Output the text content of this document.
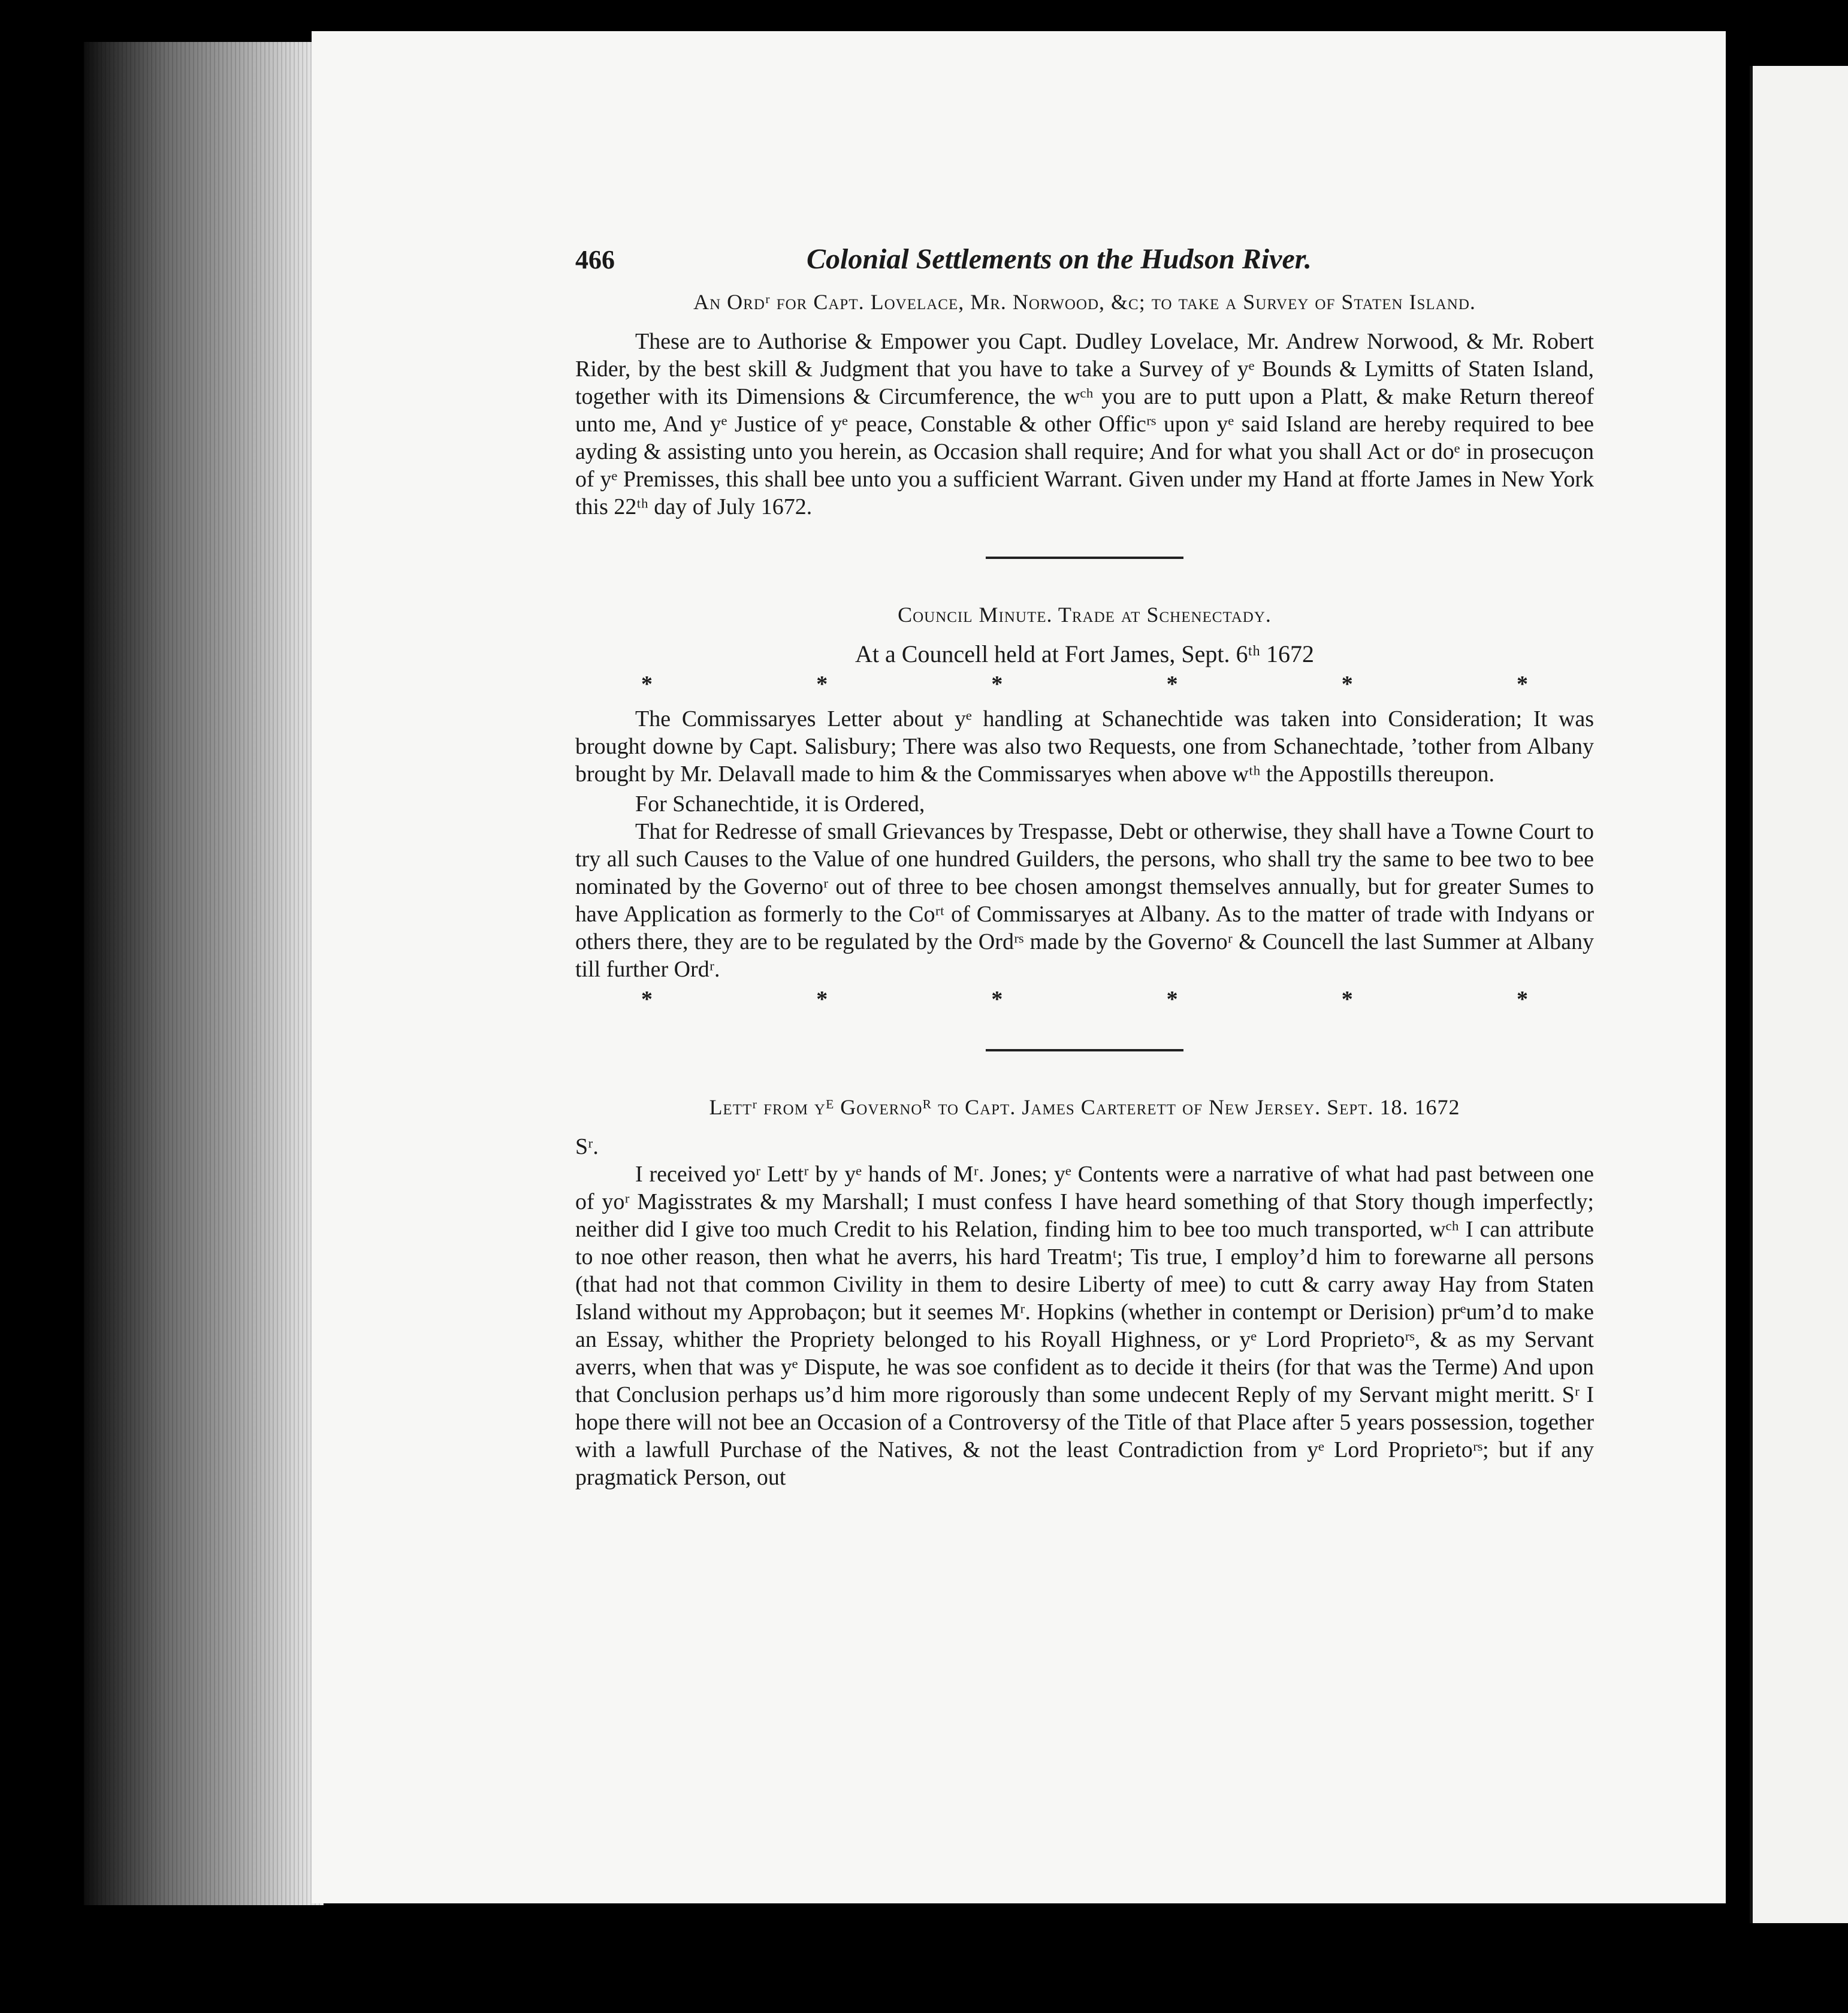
466	Colonial Settlements on the Hudson River.
An Ordʳ for Capt. Lovelace, Mr. Norwood, &c; to take a Survey of Staten Island.

These are to Authorise & Empower you Capt. Dudley Lovelace, Mr. Andrew Norwood, & Mr. Robert Rider, by the best skill & Judgment that you have to take a Survey of yᵉ Bounds & Lymitts of Staten Island, together with its Dimensions & Circumference, the wᶜʰ you are to putt upon a Platt, & make Return thereof unto me, And yᵉ Justice of yᵉ peace, Constable & other Officʳˢ upon yᵉ said Island are hereby required to bee ayding & assisting unto you herein, as Occasion shall require; And for what you shall Act or doᵉ in prosecuçon of yᵉ Premisses, this shall bee unto you a sufficient Warrant. Given under my Hand at fforte James in New York this 22ᵗʰ day of July 1672.

Council Minute. Trade at Schenectady.
At a Councell held at Fort James, Sept. 6ᵗʰ 1672
*	*	*	*	*	*

The Commissaryes Letter about yᵉ handling at Schanechtide was taken into Consideration; It was brought downe by Capt. Salisbury; There was also two Requests, one from Schanechtade, ’tother from Albany brought by Mr. Delavall made to him & the Commissaryes when above wᵗʰ the Appostills thereupon.

For Schanechtide, it is Ordered,

That for Redresse of small Grievances by Trespasse, Debt or otherwise, they shall have a Towne Court to try all such Causes to the Value of one hundred Guilders, the persons, who shall try the same to bee two to bee nominated by the Governoʳ out of three to bee chosen amongst themselves annually, but for greater Sumes to have Application as formerly to the Coʳᵗ of Commissaryes at Albany. As to the matter of trade with Indyans or others there, they are to be regulated by the Ordʳˢ made by the Governoʳ & Councell the last Summer at Albany till further Ordʳ.

*	*	*	*	*	*
Lettʳ from yᴱ Governoᴿ to Capt. James Carterett of New Jersey. Sept. 18. 1672
Sʳ.

I received yoʳ Lettʳ by yᵉ hands of Mʳ. Jones; yᵉ Contents were a narrative of what had past between one of yoʳ Magisstrates & my Marshall; I must confess I have heard something of that Story though imperfectly; neither did I give too much Credit to his Relation, finding him to bee too much transported, wᶜʰ I can attribute to noe other reason, then what he averrs, his hard Treatmᵗ; Tis true, I employ’d him to forewarne all persons (that had not that common Civility in them to desire Liberty of mee) to cutt & carry away Hay from Staten Island without my Approbaçon; but it seemes Mʳ. Hopkins (whether in contempt or Derision) prᵉum’d to make an Essay, whither the Propriety belonged to his Royall Highness, or yᵉ Lord Proprietoʳˢ, & as my Servant averrs, when that was yᵉ Dispute, he was soe confident as to decide it theirs (for that was the Terme) And upon that Conclusion perhaps us’d him more rigorously than some undecent Reply of my Servant might meritt. Sʳ I hope there will not bee an Occasion of a Controversy of the Title of that Place after 5 years possession, together with a lawfull Purchase of the Natives, & not the least Contradiction from yᵉ Lord Proprietoʳˢ; but if any pragmatick Person, out
